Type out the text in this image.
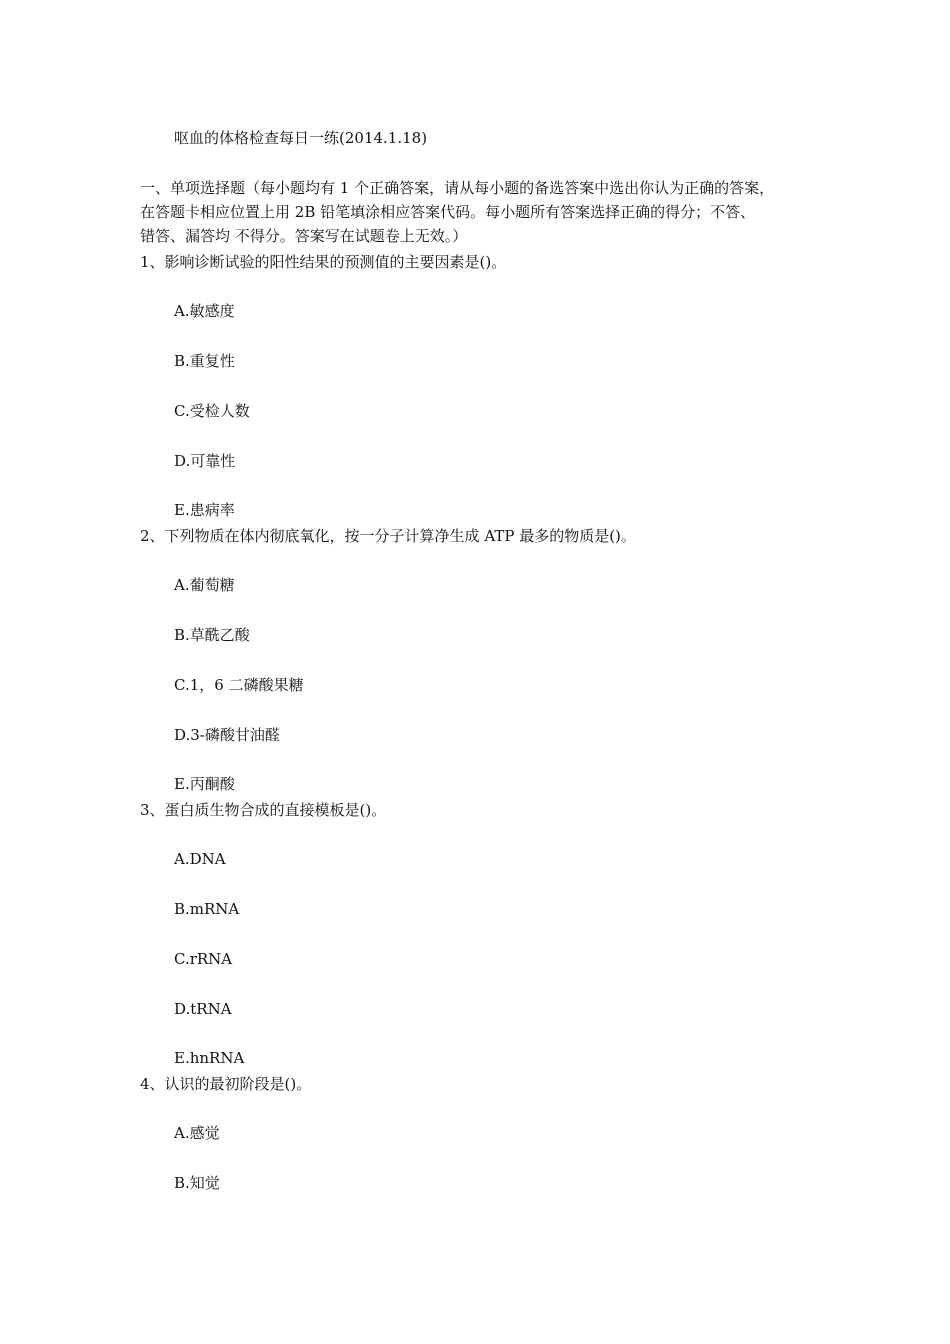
呕血的体格检查每日一练(2014.1.18)
一、单项选择题（每小题均有 1 个正确答案，请从每小题的备选答案中选出你认为正确的答案，
在答题卡相应位置上用 2B 铅笔填涂相应答案代码。每小题所有答案选择正确的得分；不答、
错答、漏答均 不得分。答案写在试题卷上无效。）
1、影响诊断试验的阳性结果的预测值的主要因素是()。
A.敏感度
B.重复性
C.受检人数
D.可靠性
E.患病率
2、下列物质在体内彻底氧化，按一分子计算净生成 ATP 最多的物质是()。
A.葡萄糖
B.草酰乙酸
C.1，6 二磷酸果糖
D.3-磷酸甘油醛
E.丙酮酸
3、蛋白质生物合成的直接模板是()。
A.DNA
B.mRNA
C.rRNA
D.tRNA
E.hnRNA
4、认识的最初阶段是()。
A.感觉
B.知觉
